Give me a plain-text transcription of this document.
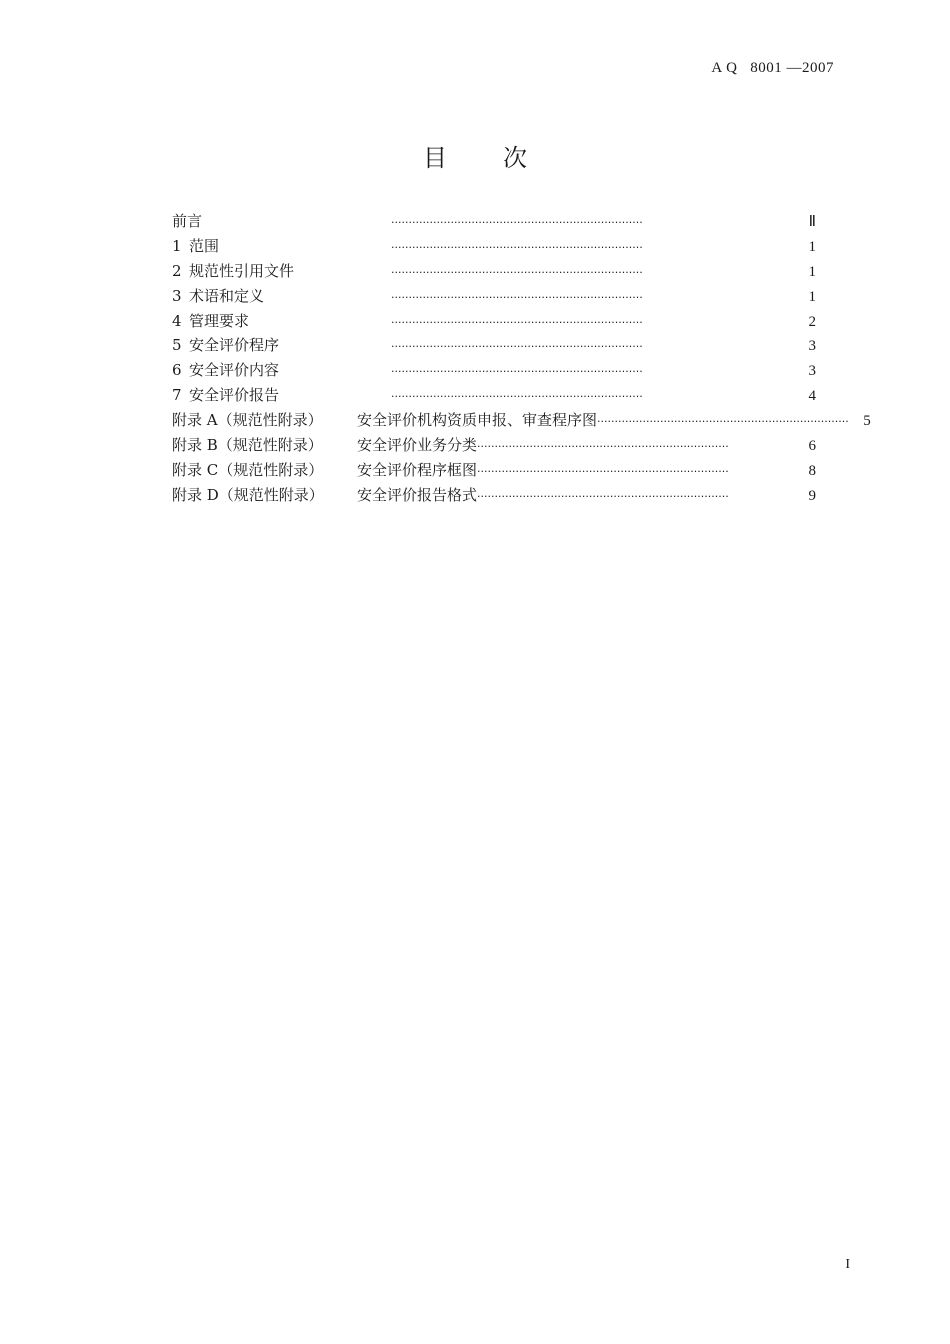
A Q   8001 —2007
目 次
前言	········································································	Ⅱ
1 范围	········································································	1
2 规范性引用文件	········································································	1
3 术语和定义	········································································	1
4 管理要求	········································································	2
5 安全评价程序	········································································	3
6 安全评价内容	········································································	3
7 安全评价报告	········································································	4
附录 A（规范性附录） 安全评价机构资质申报、审查程序图 ········································································ 5
附录 B（规范性附录） 安全评价业务分类 ········································································	6
附录 C（规范性附录） 安全评价程序框图 ········································································	8
附录 D（规范性附录） 安全评价报告格式 ········································································	9
I
